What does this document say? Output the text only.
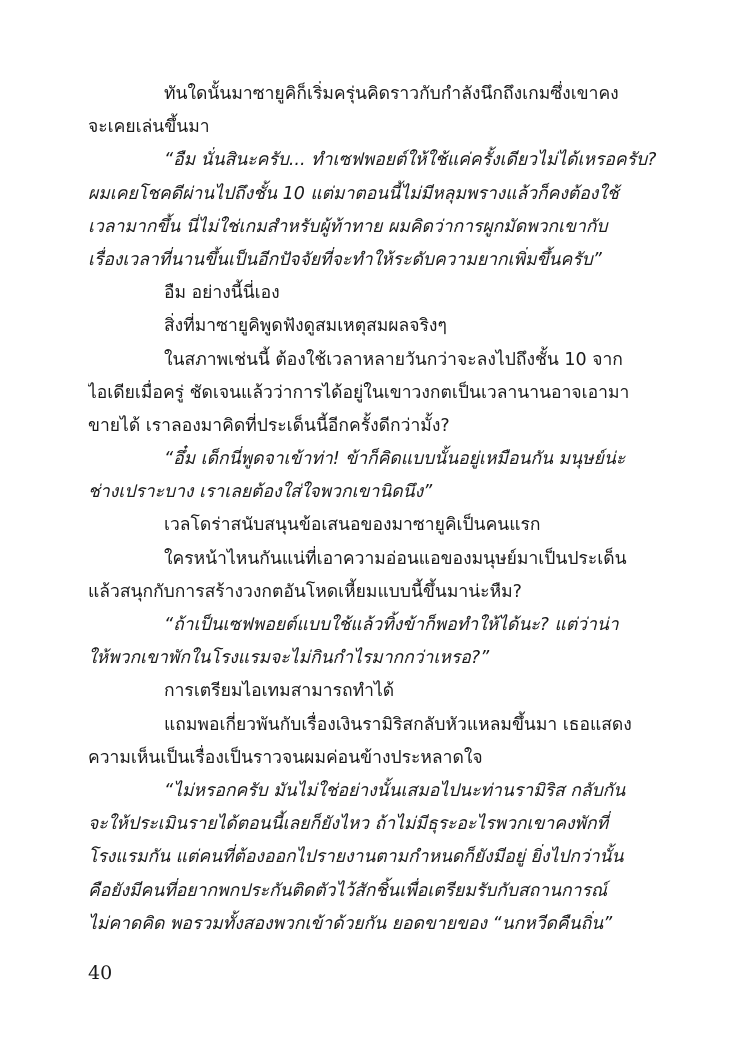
ทันใดนั้นมาซายูคิก็เริ่มครุ่นคิดราวกับกำลังนึกถึงเกมซึ่งเขาคง
จะเคยเล่นขึ้นมา
“อืม นั่นสินะครับ... ทำเซฟพอยต์ให้ใช้แค่ครั้งเดียวไม่ได้เหรอครับ?
ผมเคยโชคดีผ่านไปถึงชั้น 10 แต่มาตอนนี้ไม่มีหลุมพรางแล้วก็คงต้องใช้
เวลามากขึ้น นี่ไม่ใช่เกมสำหรับผู้ท้าทาย ผมคิดว่าการผูกมัดพวกเขากับ
เรื่องเวลาที่นานขึ้นเป็นอีกปัจจัยที่จะทำให้ระดับความยากเพิ่มขึ้นครับ”
อืม อย่างนี้นี่เอง
สิ่งที่มาซายูคิพูดฟังดูสมเหตุสมผลจริงๆ
ในสภาพเช่นนี้ ต้องใช้เวลาหลายวันกว่าจะลงไปถึงชั้น 10 จาก
ไอเดียเมื่อครู่ ชัดเจนแล้วว่าการได้อยู่ในเขาวงกตเป็นเวลานานอาจเอามา
ขายได้ เราลองมาคิดที่ประเด็นนี้อีกครั้งดีกว่ามั้ง?
“อึ๋ม เด็กนี่พูดจาเข้าท่า! ข้าก็คิดแบบนั้นอยู่เหมือนกัน มนุษย์น่ะ
ช่างเปราะบาง เราเลยต้องใส่ใจพวกเขานิดนึง”
เวลโดร่าสนับสนุนข้อเสนอของมาซายูคิเป็นคนแรก
ใครหน้าไหนกันแน่ที่เอาความอ่อนแอของมนุษย์มาเป็นประเด็น
แล้วสนุกกับการสร้างวงกตอันโหดเหี้ยมแบบนี้ขึ้นมาน่ะหืม?
“ถ้าเป็นเซฟพอยต์แบบใช้แล้วทิ้งข้าก็พอทำให้ได้นะ? แต่ว่าน่า
ให้พวกเขาพักในโรงแรมจะไม่กินกำไรมากกว่าเหรอ?”
การเตรียมไอเทมสามารถทำได้
แถมพอเกี่ยวพันกับเรื่องเงินรามิริสกลับหัวแหลมขึ้นมา เธอแสดง
ความเห็นเป็นเรื่องเป็นราวจนผมค่อนข้างประหลาดใจ
“ไม่หรอกครับ มันไม่ใช่อย่างนั้นเสมอไปนะท่านรามิริส กลับกัน
จะให้ประเมินรายได้ตอนนี้เลยก็ยังไหว ถ้าไม่มีธุระอะไรพวกเขาคงพักที่
โรงแรมกัน แต่คนที่ต้องออกไปรายงานตามกำหนดก็ยังมีอยู่ ยิ่งไปกว่านั้น
คือยังมีคนที่อยากพกประกันติดตัวไว้สักชิ้นเพื่อเตรียมรับกับสถานการณ์
ไม่คาดคิด พอรวมทั้งสองพวกเข้าด้วยกัน ยอดขายของ “นกหวีดคืนถิ่น”
40
